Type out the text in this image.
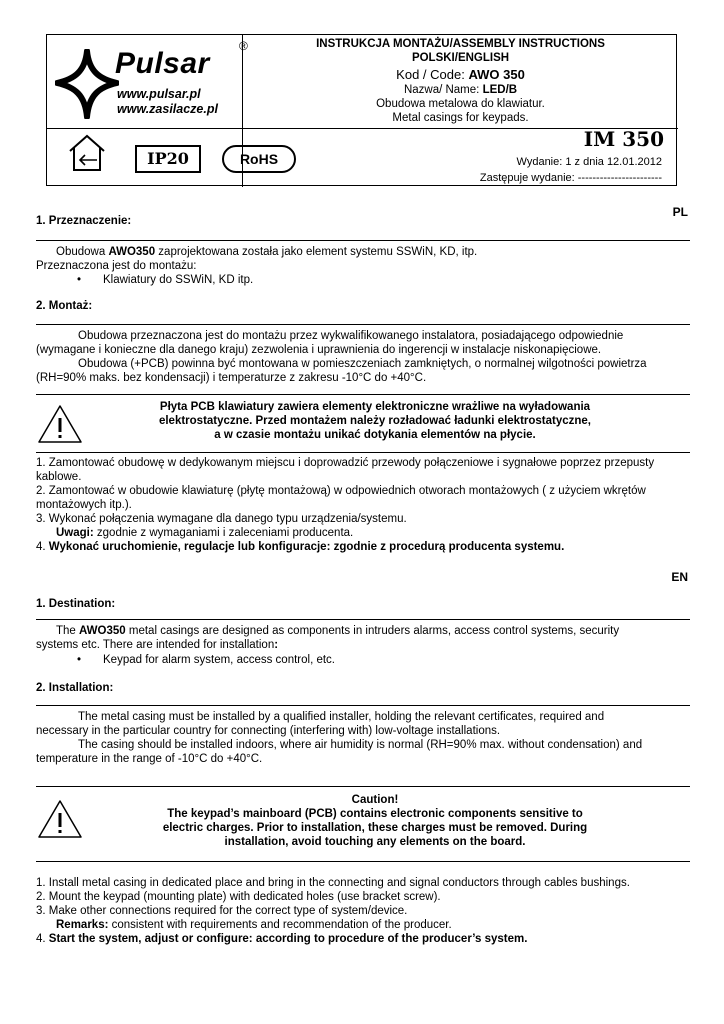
Pulsar
®
www.pulsar.pl
www.zasilacze.pl
INSTRUKCJA MONTAŻU/ASSEMBLY INSTRUCTIONS
POLSKI/ENGLISH
Kod / Code: AWO 350
Nazwa/ Name: LED/B
Obudowa metalowa do klawiatur.
Metal casings for keypads.
IP20	RoHS
IM 350
Wydanie: 1 z dnia 12.01.2012
Zastępuje wydanie: -----------------------
PL
1. Przeznaczenie:
Obudowa AWO350 zaprojektowana została jako element systemu SSWiN, KD, itp.
Przeznaczona jest do montażu:
• Klawiatury do SSWiN, KD itp.
2. Montaż:
Obudowa przeznaczona jest do montażu przez wykwalifikowanego instalatora, posiadającego odpowiednie
(wymagane i konieczne dla danego kraju) zezwolenia i uprawnienia do ingerencji w instalacje niskonapięciowe.
Obudowa (+PCB) powinna być montowana w pomieszczeniach zamkniętych, o normalnej wilgotności powietrza
(RH=90% maks. bez kondensacji) i temperaturze z zakresu -10°C do +40°C.
Płyta PCB klawiatury zawiera elementy elektroniczne wrażliwe na wyładowania
elektrostatyczne. Przed montażem należy rozładować ładunki elektrostatyczne,
a w czasie montażu unikać dotykania elementów na płycie.
1. Zamontować obudowę w dedykowanym miejscu i doprowadzić przewody połączeniowe i sygnałowe poprzez przepusty
kablowe.
2. Zamontować w obudowie klawiaturę (płytę montażową) w odpowiednich otworach montażowych ( z użyciem wkrętów
montażowych itp.).
3. Wykonać połączenia wymagane dla danego typu urządzenia/systemu.
Uwagi: zgodnie z wymaganiami i zaleceniami producenta.
4. Wykonać uruchomienie, regulacje lub konfiguracje: zgodnie z procedurą producenta systemu.
EN
1. Destination:
The AWO350 metal casings are designed as components in intruders alarms, access control systems, security
systems etc. There are intended for installation:
• Keypad for alarm system, access control, etc.
2. Installation:
The metal casing must be installed by a qualified installer, holding the relevant certificates, required and
necessary in the particular country for connecting (interfering with) low-voltage installations.
The casing should be installed indoors, where air humidity is normal (RH=90% max. without condensation) and
temperature in the range of -10°C do +40°C.
Caution!
The keypad’s mainboard (PCB) contains electronic components sensitive to
electric charges. Prior to installation, these charges must be removed. During
installation, avoid touching any elements on the board.
1. Install metal casing in dedicated place and bring in the connecting and signal conductors through cables bushings.
2. Mount the keypad (mounting plate) with dedicated holes (use bracket screw).
3. Make other connections required for the correct type of system/device.
Remarks: consistent with requirements and recommendation of the producer.
4. Start the system, adjust or configure: according to procedure of the producer’s system.
